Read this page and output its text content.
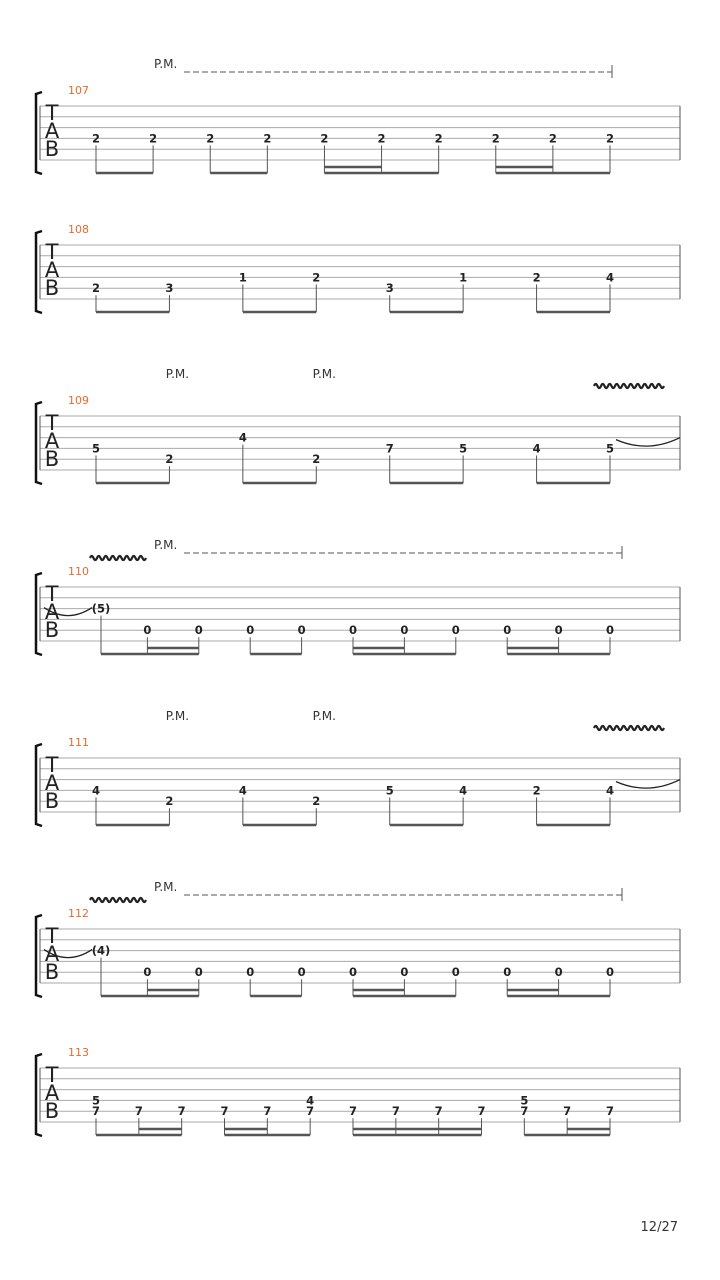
T
A
B
107
2	2	2	2	2	2	2	2	2	2
P.M.
T
A
B
108
2	3
1	2
3
1	2	4
T
A
B
109
5
2
4
2
7	5	4	5
P.M.	P.M.
T
A
B
110
(5)
0	0	0	0	0	0	0	0	0	0
P.M.
T
A
B
111
4
2
4
2
5	4	2	4
P.M.	P.M.
T
A
B
112
(4)
0	0	0	0	0	0	0	0	0	0
P.M.
T
A
B
113
5
7	7	7	7	7
4
7	7	7	7	7
5
7	7	7
12/27
